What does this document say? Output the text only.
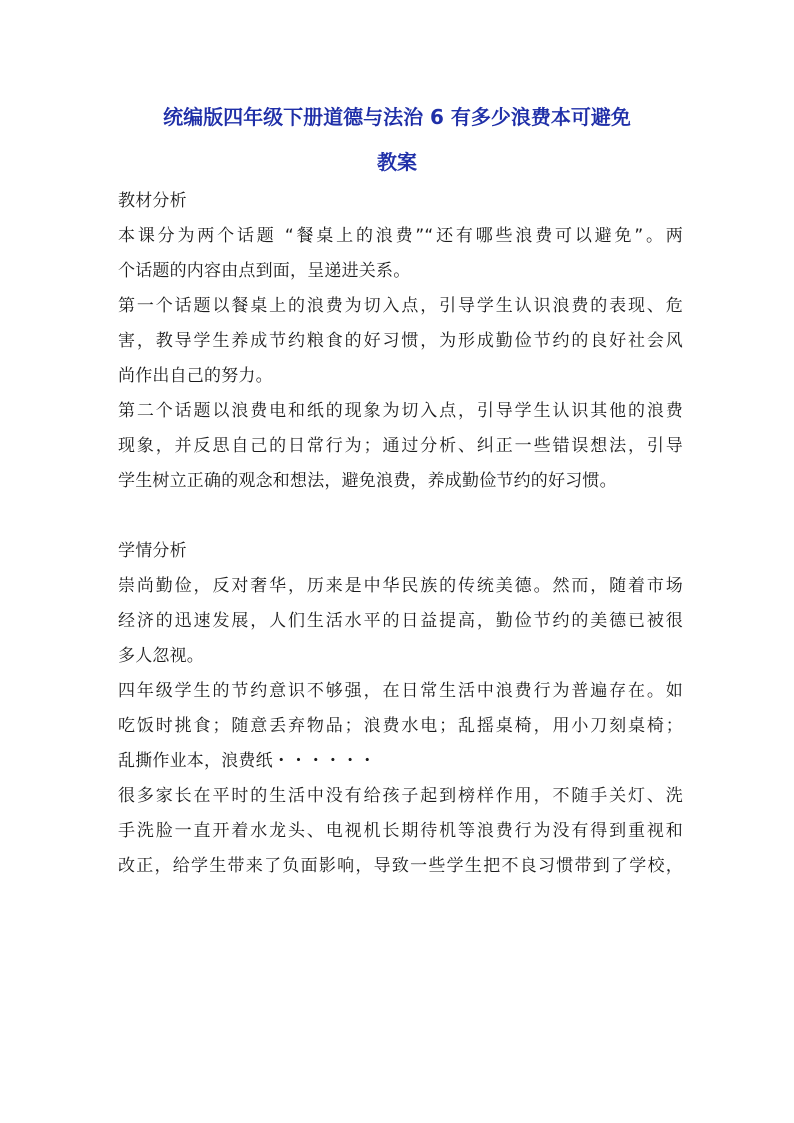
统编版四年级下册道德与法治 6 有多少浪费本可避免
教案
教材分析
本课分为两个话题 “餐桌上的浪费”“还有哪些浪费可以避免”。两
个话题的内容由点到面，呈递进关系。
第一个话题以餐桌上的浪费为切入点，引导学生认识浪费的表现、危
害，教导学生养成节约粮食的好习惯，为形成勤俭节约的良好社会风
尚作出自己的努力。
第二个话题以浪费电和纸的现象为切入点，引导学生认识其他的浪费
现象，并反思自己的日常行为；通过分析、纠正一些错误想法，引导
学生树立正确的观念和想法，避免浪费，养成勤俭节约的好习惯。
学情分析
崇尚勤俭，反对奢华，历来是中华民族的传统美德。然而，随着市场
经济的迅速发展，人们生活水平的日益提高，勤俭节约的美德已被很
多人忽视。
四年级学生的节约意识不够强，在日常生活中浪费行为普遍存在。如
吃饭时挑食；随意丢弃物品；浪费水电；乱摇桌椅，用小刀刻桌椅；
乱撕作业本，浪费纸・・・・・・
很多家长在平时的生活中没有给孩子起到榜样作用，不随手关灯、洗
手洗脸一直开着水龙头、电视机长期待机等浪费行为没有得到重视和
改正，给学生带来了负面影响，导致一些学生把不良习惯带到了学校，
